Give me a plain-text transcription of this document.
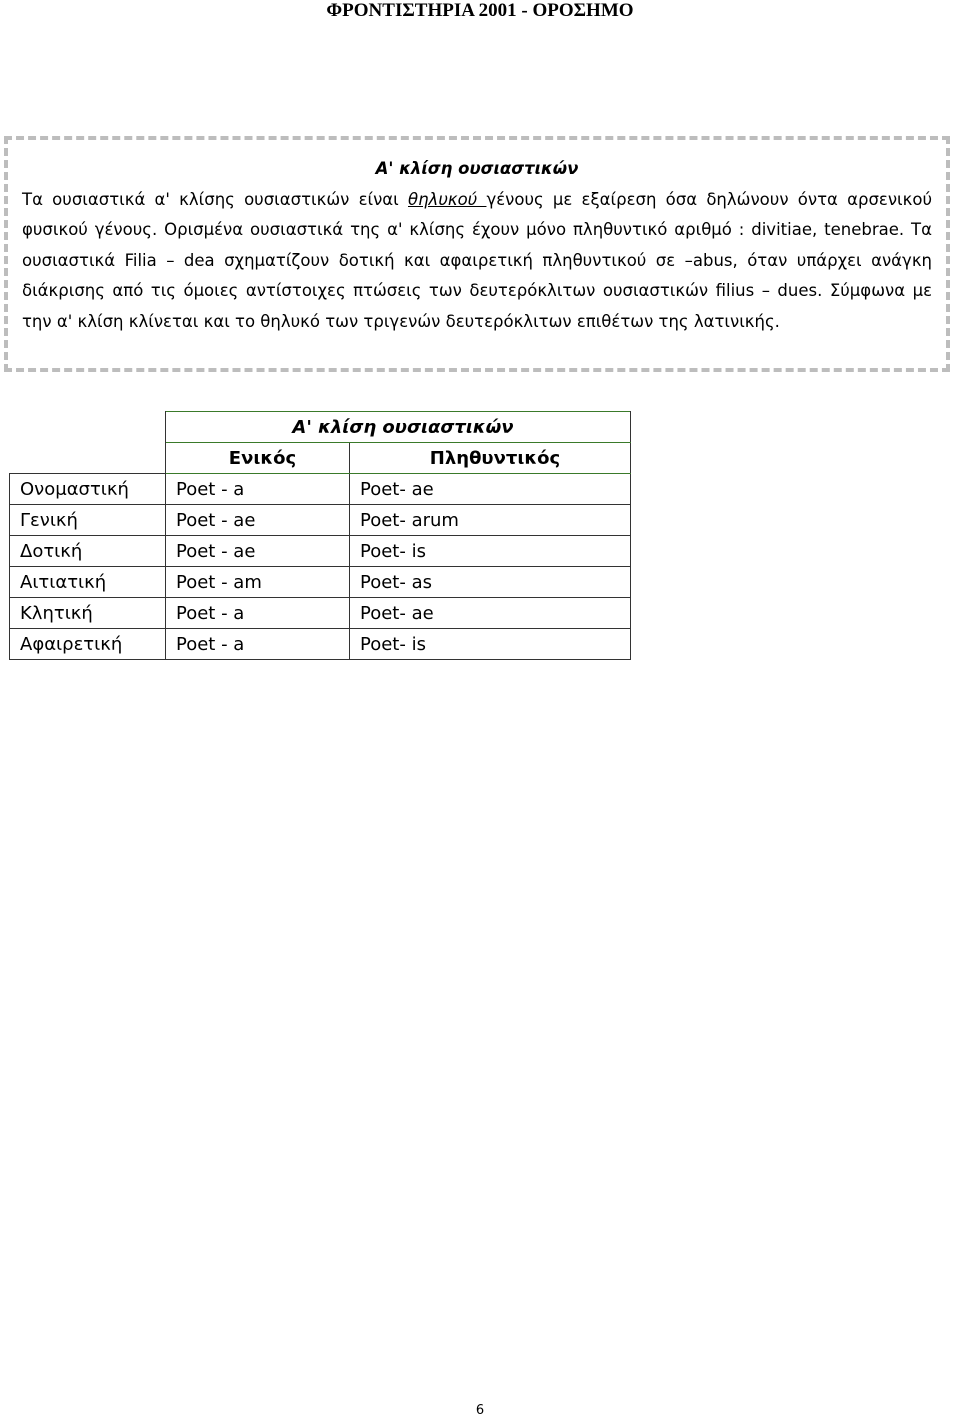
ΦΡΟΝΤΙΣΤΗΡΙΑ 2001 - ΟΡΟΣΗΜΟ
Α' κλίση ουσιαστικών

Τα ουσιαστικά α' κλίσης ουσιαστικών είναι θηλυκού γένους με εξαίρεση όσα δηλώνουν όντα αρσενικού φυσικού γένους. Ορισμένα ουσιαστικά της α' κλίσης έχουν μόνο πληθυντικό αριθμό : divitiae, tenebrae. Τα ουσιαστικά Filia – dea σχηματίζουν δοτική και αφαιρετική πληθυντικού σε –abus, όταν υπάρχει ανάγκη διάκρισης από τις όμοιες αντίστοιχες πτώσεις των δευτερόκλιτων ουσιαστικών filius – dues. Σύμφωνα με την α' κλίση κλίνεται και το θηλυκό των τριγενών δευτερόκλιτων επιθέτων της λατινικής.

	Α' κλίση ουσιαστικών	
	Ενικός	Πληθυντικός
Ονομαστική	Poet - a	Poet- ae
Γενική	Poet - ae	Poet- arum
Δοτική	Poet - ae	Poet- is
Αιτιατική	Poet - am	Poet- as
Κλητική	Poet - a	Poet- ae
Αφαιρετική	Poet - a	Poet- is
6
